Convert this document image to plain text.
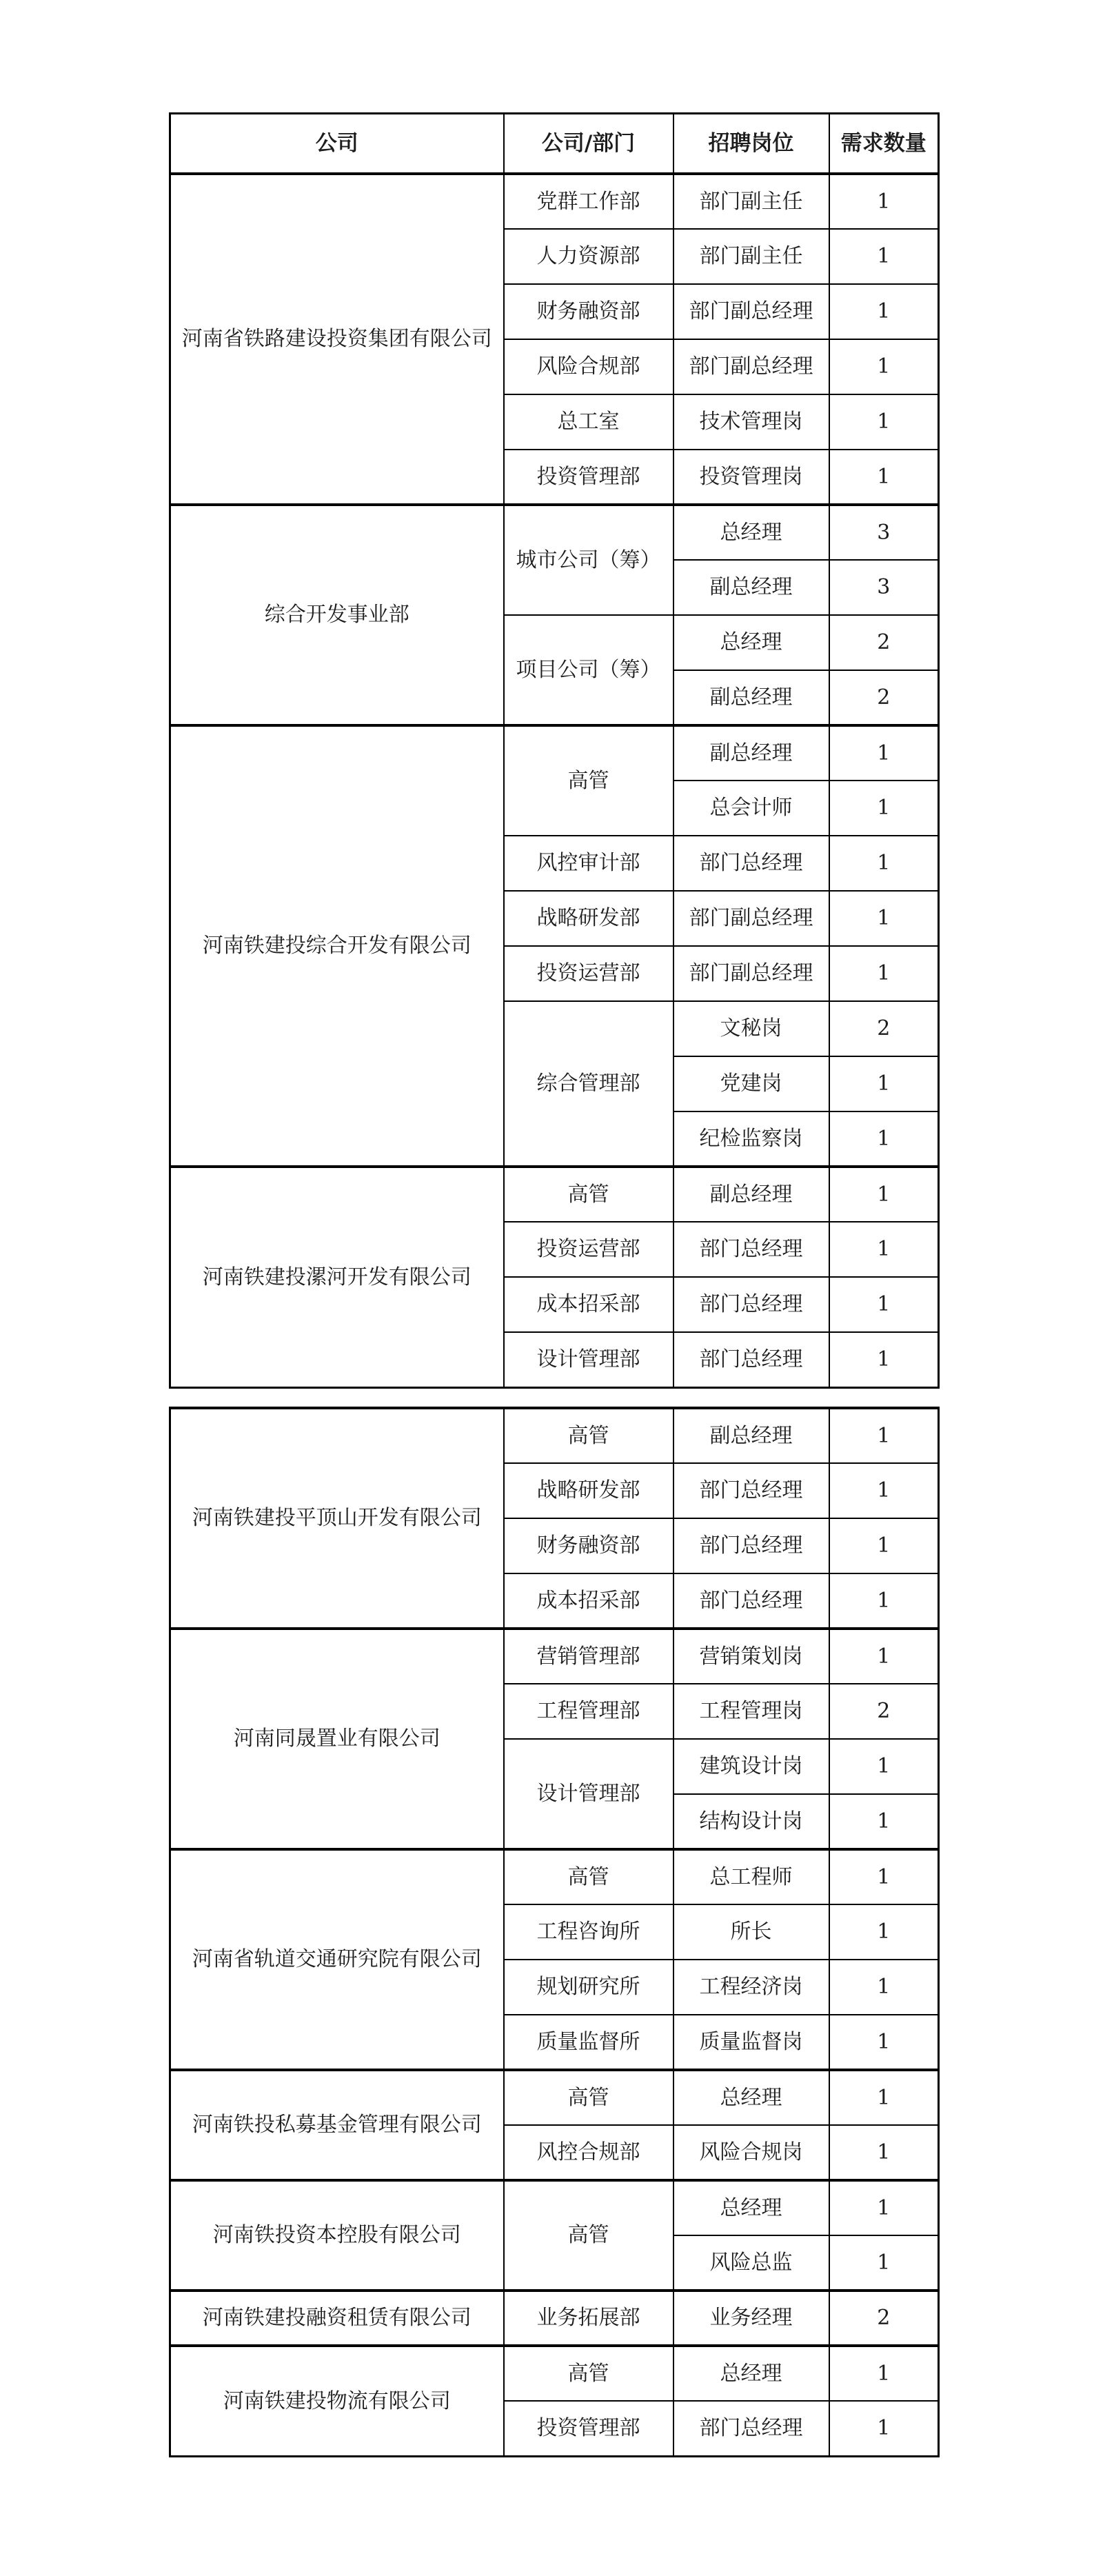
公司	公司/部门	招聘岗位	需求数量
河南省铁路建设投资集团有限公司	党群工作部	部门副主任	1
	人力资源部	部门副主任	1
	财务融资部	部门副总经理	1
	风险合规部	部门副总经理	1
	总工室	技术管理岗	1
	投资管理部	投资管理岗	1
综合开发事业部	城市公司（筹）	总经理	3
		副总经理	3
	项目公司（筹）	总经理	2
		副总经理	2
河南铁建投综合开发有限公司	高管	副总经理	1
		总会计师	1
	风控审计部	部门总经理	1
	战略研发部	部门副总经理	1
	投资运营部	部门副总经理	1
	综合管理部	文秘岗	2
		党建岗	1
		纪检监察岗	1
河南铁建投漯河开发有限公司	高管	副总经理	1
	投资运营部	部门总经理	1
	成本招采部	部门总经理	1
	设计管理部	部门总经理	1
河南铁建投平顶山开发有限公司	高管	副总经理	1
	战略研发部	部门总经理	1
	财务融资部	部门总经理	1
	成本招采部	部门总经理	1
河南同晟置业有限公司	营销管理部	营销策划岗	1
	工程管理部	工程管理岗	2
	设计管理部	建筑设计岗	1
		结构设计岗	1
河南省轨道交通研究院有限公司	高管	总工程师	1
	工程咨询所	所长	1
	规划研究所	工程经济岗	1
	质量监督所	质量监督岗	1
河南铁投私募基金管理有限公司	高管	总经理	1
	风控合规部	风险合规岗	1
河南铁投资本控股有限公司	高管	总经理	1
		风险总监	1
河南铁建投融资租赁有限公司	业务拓展部	业务经理	2
河南铁建投物流有限公司	高管	总经理	1
	投资管理部	部门总经理	1
